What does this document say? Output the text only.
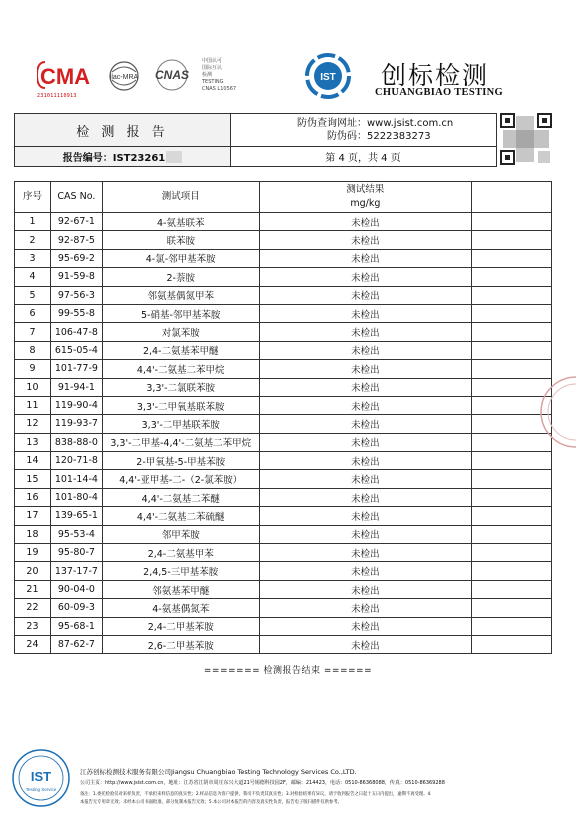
CMA
231011110913
ilac-MRA CNAS
中国认可
国际互认
检测
TESTING
CNAS L10567
IST 创标检测
CHUANGBIAO TESTING
检 测 报 告
防伪查询网址：www.jsist.com.cn
防伪码：5222383273
报告编号：IST23261	第 4 页，共 4 页
序号	CAS No.	测试项目	测试结果
mg/kg	

1	92-67-1	4-氨基联苯	未检出	
2	92-87-5	联苯胺	未检出	
3	95-69-2	4-氯-邻甲基苯胺	未检出	
4	91-59-8	2-萘胺	未检出	
5	97-56-3	邻氨基偶氮甲苯	未检出	
6	99-55-8	5-硝基-邻甲基苯胺	未检出	
7	106-47-8	对氯苯胺	未检出	
8	615-05-4	2,4-二氨基苯甲醚	未检出	
9	101-77-9	4,4'-二氨基二苯甲烷	未检出	
10	91-94-1	3,3'-二氯联苯胺	未检出	
11	119-90-4	3,3'-二甲氧基联苯胺	未检出	
12	119-93-7	3,3'-二甲基联苯胺	未检出	
13	838-88-0	3,3'-二甲基-4,4'-二氨基二苯甲烷	未检出	
14	120-71-8	2-甲氧基-5-甲基苯胺	未检出	
15	101-14-4	4,4'-亚甲基-二-（2-氯苯胺）	未检出	
16	101-80-4	4,4'-二氨基二苯醚	未检出	
17	139-65-1	4,4'-二氨基二苯硫醚	未检出	
18	95-53-4	邻甲苯胺	未检出	
19	95-80-7	2,4-二氨基甲苯	未检出	
20	137-17-7	2,4,5-三甲基苯胺	未检出	
21	90-04-0	邻氨基苯甲醚	未检出	
22	60-09-3	4-氨基偶氮苯	未检出	
23	95-68-1	2,4-二甲基苯胺	未检出	
24	87-62-7	2,6-二甲基苯胺	未检出	
======= 检测报告结束 ======
IST
Testing Service
江苏创标检测技术服务有限公司Jiangsu Chuangbiao Testing Technology Services Co.,LTD.
公司主页：http://www.jsist.com.cn，地址：江苏省江阴市周庄东兴大道21号锡德科技园2F，邮编：214423，电话：0510-86368088，传真：0510-86369288
备注：1.委托检验仅对来样负责，不承担来样信息的真实性；2.样品信息为客户提供，我司不负责其真实性；3.对检验结果有异议，请于收到报告之日起十五日内提出，逾期不再受理。4.
本报告无专用章无效；未经本公司书面批准，部分复制本报告无效；5.本公司对本报告的内容及真实性负责，报告电子版扫描件仅供参考。
